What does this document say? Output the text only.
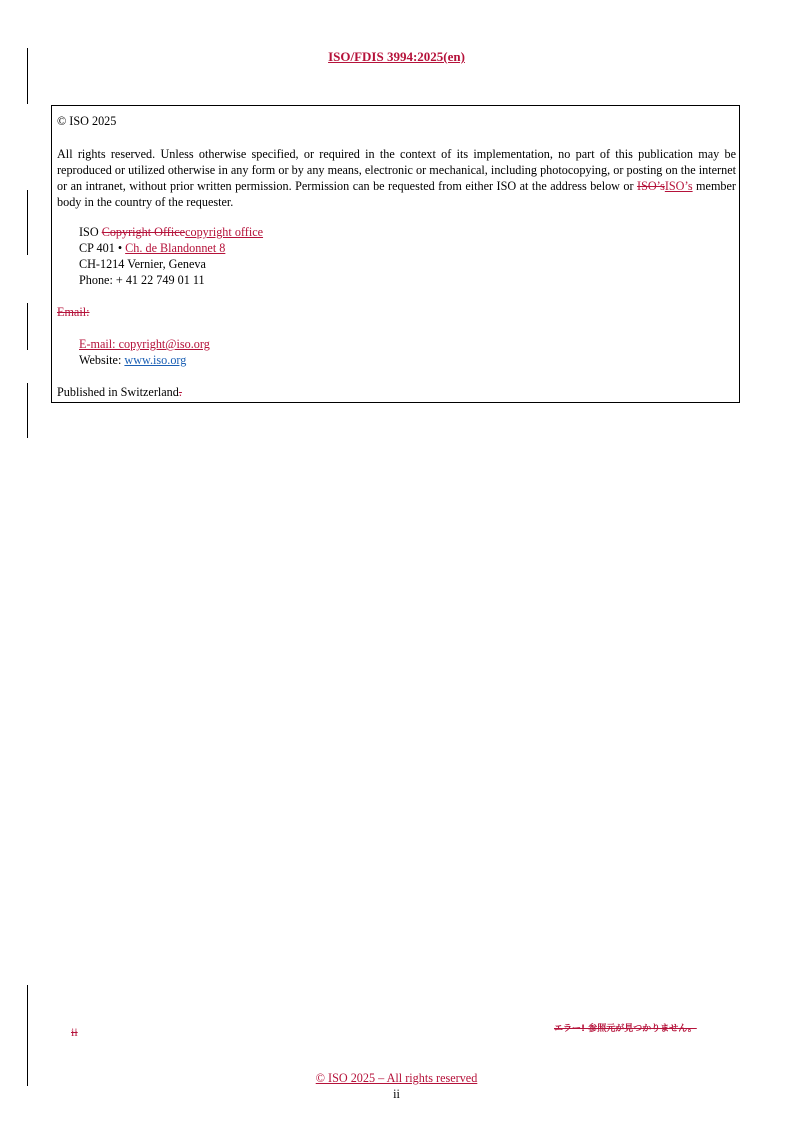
ISO/FDIS 3994:2025(en)
© ISO 2025
All rights reserved. Unless otherwise specified, or required in the context of its implementation, no part of this publication may be reproduced or utilized otherwise in any form or by any means, electronic or mechanical, including photocopying, or posting on the internet or an intranet, without prior written permission. Permission can be requested from either ISO at the address below or ISO’sISO’s member body in the country of the requester.
ISO Copyright Officecopyright office
CP 401 • Ch. de Blandonnet 8
CH-1214 Vernier, Geneva
Phone: + 41 22 749 01 11
Email:
E-mail: copyright@iso.org
Website: www.iso.org
Published in Switzerland.
ii	エラー! 参照元が見つかりません。
© ISO 2025 – All rights reserved
ii
